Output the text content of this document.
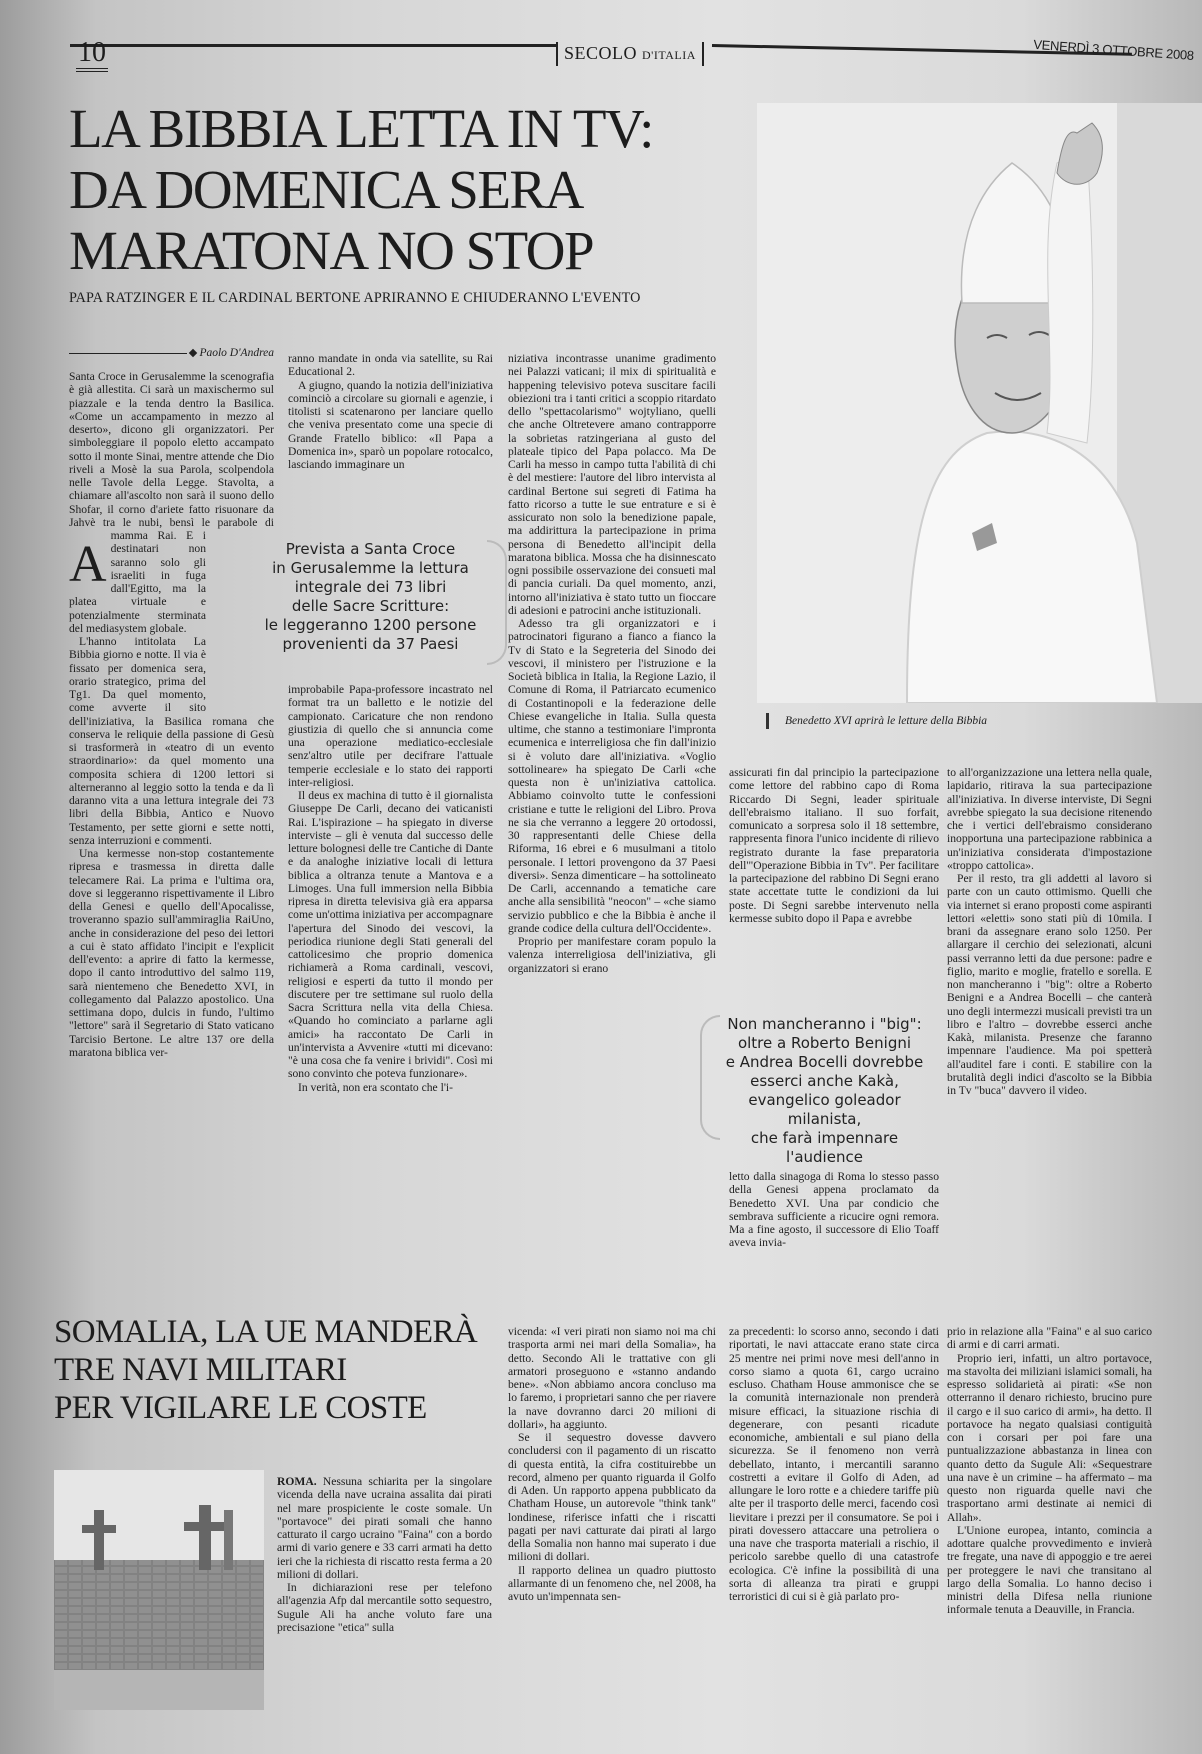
10	SECOLO D'ITALIA	VENERDÌ 3 OTTOBRE 2008
LA BIBBIA LETTA IN TV:
DA DOMENICA SERA
MARATONA NO STOP
PAPA RATZINGER E IL CARDINAL BERTONE APRIRANNO E CHIUDERANNO L'EVENTO
Paolo D'Andrea
A

Santa Croce in Gerusalemme la scenografia è già allestita. Ci sarà un maxischermo sul piazzale e la tenda dentro la Basilica. «Come un accampamento in mezzo al deserto», dicono gli organizzatori. Per simboleggiare il popolo eletto accampato sotto il monte Sinai, mentre attende che Dio riveli a Mosè la sua Parola, scolpendola nelle Tavole della Legge. Stavolta, a chiamare all'ascolto non sarà il suono dello Shofar, il corno d'ariete fatto risuonare da Jahvè tra le nubi, bensì le parabole di mamma Rai. E i destinatari non saranno solo gli israeliti in fuga dall'Egitto, ma la platea virtuale e potenzialmente sterminata del mediasystem globale.

L'hanno intitolata La Bibbia giorno e notte. Il via è fissato per domenica sera, orario strategico, prima del Tg1. Da quel momento, come avverte il sito dell'iniziativa, la Basilica romana che conserva le reliquie della passione di Gesù si trasformerà in «teatro di un evento straordinario»: da quel momento una composita schiera di 1200 lettori si alterneranno al leggio sotto la tenda e da lì daranno vita a una lettura integrale dei 73 libri della Bibbia, Antico e Nuovo Testamento, per sette giorni e sette notti, senza interruzioni e commenti.

Una kermesse non-stop costantemente ripresa e trasmessa in diretta dalle telecamere Rai. La prima e l'ultima ora, dove si leggeranno rispettivamente il Libro della Genesi e quello dell'Apocalisse, troveranno spazio sull'ammiraglia RaiUno, anche in considerazione del peso dei lettori a cui è stato affidato l'incipit e l'explicit dell'evento: a aprire di fatto la kermesse, dopo il canto introduttivo del salmo 119, sarà nientemeno che Benedetto XVI, in collegamento dal Palazzo apostolico. Una settimana dopo, dulcis in fundo, l'ultimo "lettore" sarà il Segretario di Stato vaticano Tarcisio Bertone. Le altre 137 ore della maratona biblica ver-

ranno mandate in onda via satellite, su Rai Educational 2.

A giugno, quando la notizia dell'iniziativa cominciò a circolare su giornali e agenzie, i titolisti si scatenarono per lanciare quello che veniva presentato come una specie di Grande Fratello biblico: «Il Papa a Domenica in», sparò un popolare rotocalco, lasciando immaginare un

improbabile Papa-professore incastrato nel format tra un balletto e le notizie del campionato. Caricature che non rendono giustizia di quello che si annuncia come una operazione mediatico-ecclesiale senz'altro utile per decifrare l'attuale temperie ecclesiale e lo stato dei rapporti inter-religiosi.

Il deus ex machina di tutto è il giornalista Giuseppe De Carli, decano dei vaticanisti Rai. L'ispirazione – ha spiegato in diverse interviste – gli è venuta dal successo delle letture bolognesi delle tre Cantiche di Dante e da analoghe iniziative locali di lettura biblica a oltranza tenute a Mantova e a Limoges. Una full immersion nella Bibbia ripresa in diretta televisiva già era apparsa come un'ottima iniziativa per accompagnare l'apertura del Sinodo dei vescovi, la periodica riunione degli Stati generali del cattolicesimo che proprio domenica richiamerà a Roma cardinali, vescovi, religiosi e esperti da tutto il mondo per discutere per tre settimane sul ruolo della Sacra Scrittura nella vita della Chiesa. «Quando ho cominciato a parlarne agli amici» ha raccontato De Carli in un'intervista a Avvenire «tutti mi dicevano: "è una cosa che fa venire i brividi". Così mi sono convinto che poteva funzionare».

In verità, non era scontato che l'i-

Prevista a Santa Croce
in Gerusalemme la lettura
integrale dei 73 libri
delle Sacre Scritture:
le leggeranno 1200 persone
provenienti da 37 Paesi

niziativa incontrasse unanime gradimento nei Palazzi vaticani; il mix di spiritualità e happening televisivo poteva suscitare facili obiezioni tra i tanti critici a scoppio ritardato dello "spettacolarismo" wojtyliano, quelli che anche Oltretevere amano contrapporre la sobrietas ratzingeriana al gusto del plateale tipico del Papa polacco. Ma De Carli ha messo in campo tutta l'abilità di chi è del mestiere: l'autore del libro intervista al cardinal Bertone sui segreti di Fatima ha fatto ricorso a tutte le sue entrature e si è assicurato non solo la benedizione papale, ma addirittura la partecipazione in prima persona di Benedetto all'incipit della maratona biblica. Mossa che ha disinnescato ogni possibile osservazione dei consueti mal di pancia curiali. Da quel momento, anzi, intorno all'iniziativa è stato tutto un fioccare di adesioni e patrocini anche istituzionali.

Adesso tra gli organizzatori e i patrocinatori figurano a fianco a fianco la Tv di Stato e la Segreteria del Sinodo dei vescovi, il ministero per l'istruzione e la Società biblica in Italia, la Regione Lazio, il Comune di Roma, il Patriarcato ecumenico di Costantinopoli e la federazione delle Chiese evangeliche in Italia. Sulla questa ultime, che stanno a testimoniare l'impronta ecumenica e interreligiosa che fin dall'inizio si è voluto dare all'iniziativa. «Voglio sottolineare» ha spiegato De Carli «che questa non è un'iniziativa cattolica. Abbiamo coinvolto tutte le confessioni cristiane e tutte le religioni del Libro. Prova ne sia che verranno a leggere 20 ortodossi, 30 rappresentanti delle Chiese della Riforma, 16 ebrei e 6 musulmani a titolo personale. I lettori provengono da 37 Paesi diversi». Senza dimenticare – ha sottolineato De Carli, accennando a tematiche care anche alla sensibilità "neocon" – «che siamo servizio pubblico e che la Bibbia è anche il grande codice della cultura dell'Occidente».

Proprio per manifestare coram populo la valenza interreligiosa dell'iniziativa, gli organizzatori si erano

Benedetto XVI aprirà le letture della Bibbia

assicurati fin dal principio la partecipazione come lettore del rabbino capo di Roma Riccardo Di Segni, leader spirituale dell'ebraismo italiano. Il suo forfait, comunicato a sorpresa solo il 18 settembre, rappresenta finora l'unico incidente di rilievo registrato durante la fase preparatoria dell'"Operazione Bibbia in Tv". Per facilitare la partecipazione del rabbino Di Segni erano state accettate tutte le condizioni da lui poste. Di Segni sarebbe intervenuto nella kermesse subito dopo il Papa e avrebbe

Non mancheranno i "big":
oltre a Roberto Benigni
e Andrea Bocelli dovrebbe
esserci anche Kakà,
evangelico goleador milanista,
che farà impennare l'audience

letto dalla sinagoga di Roma lo stesso passo della Genesi appena proclamato da Benedetto XVI. Una par condicio che sembrava sufficiente a ricucire ogni remora. Ma a fine agosto, il successore di Elio Toaff aveva invia-

to all'organizzazione una lettera nella quale, lapidario, ritirava la sua partecipazione all'iniziativa. In diverse interviste, Di Segni avrebbe spiegato la sua decisione ritenendo che i vertici dell'ebraismo considerano inopportuna una partecipazione rabbinica a un'iniziativa considerata d'impostazione «troppo cattolica».

Per il resto, tra gli addetti al lavoro si parte con un cauto ottimismo. Quelli che via internet si erano proposti come aspiranti lettori «eletti» sono stati più di 10mila. I brani da assegnare erano solo 1250. Per allargare il cerchio dei selezionati, alcuni passi verranno letti da due persone: padre e figlio, marito e moglie, fratello e sorella. E non mancheranno i "big": oltre a Roberto Benigni e a Andrea Bocelli – che canterà uno degli intermezzi musicali previsti tra un libro e l'altro – dovrebbe esserci anche Kakà, milanista. Presenze che faranno impennare l'audience. Ma poi spetterà all'auditel fare i conti. E stabilire con la brutalità degli indici d'ascolto se la Bibbia in Tv "buca" davvero il video.

SOMALIA, LA UE MANDERÀ
TRE NAVI MILITARI
PER VIGILARE LE COSTE

ROMA. Nessuna schiarita per la singolare vicenda della nave ucraina assalita dai pirati nel mare prospiciente le coste somale. Un "portavoce" dei pirati somali che hanno catturato il cargo ucraino "Faina" con a bordo armi di vario genere e 33 carri armati ha detto ieri che la richiesta di riscatto resta ferma a 20 milioni di dollari.

In dichiarazioni rese per telefono all'agenzia Afp dal mercantile sotto sequestro, Sugule Ali ha anche voluto fare una precisazione "etica" sulla

vicenda: «I veri pirati non siamo noi ma chi trasporta armi nei mari della Somalia», ha detto. Secondo Ali le trattative con gli armatori proseguono e «stanno andando bene». «Non abbiamo ancora concluso ma lo faremo, i proprietari sanno che per riavere la nave dovranno darci 20 milioni di dollari», ha aggiunto.

Se il sequestro dovesse davvero concludersi con il pagamento di un riscatto di questa entità, la cifra costituirebbe un record, almeno per quanto riguarda il Golfo di Aden. Un rapporto appena pubblicato da Chatham House, un autorevole "think tank" londinese, riferisce infatti che i riscatti pagati per navi catturate dai pirati al largo della Somalia non hanno mai superato i due milioni di dollari.

Il rapporto delinea un quadro piuttosto allarmante di un fenomeno che, nel 2008, ha avuto un'impennata sen-

za precedenti: lo scorso anno, secondo i dati riportati, le navi attaccate erano state circa 25 mentre nei primi nove mesi dell'anno in corso siamo a quota 61, cargo ucraino escluso. Chatham House ammonisce che se la comunità internazionale non prenderà misure efficaci, la situazione rischia di degenerare, con pesanti ricadute economiche, ambientali e sul piano della sicurezza. Se il fenomeno non verrà debellato, intanto, i mercantili saranno costretti a evitare il Golfo di Aden, ad allungare le loro rotte e a chiedere tariffe più alte per il trasporto delle merci, facendo così lievitare i prezzi per il consumatore. Se poi i pirati dovessero attaccare una petroliera o una nave che trasporta materiali a rischio, il pericolo sarebbe quello di una catastrofe ecologica. C'è infine la possibilità di una sorta di alleanza tra pirati e gruppi terroristici di cui si è già parlato pro-

prio in relazione alla "Faina" e al suo carico di armi e di carri armati.

Proprio ieri, infatti, un altro portavoce, ma stavolta dei miliziani islamici somali, ha espresso solidarietà ai pirati: «Se non otterranno il denaro richiesto, brucino pure il cargo e il suo carico di armi», ha detto. Il portavoce ha negato qualsiasi contiguità con i corsari per poi fare una puntualizzazione abbastanza in linea con quanto detto da Sugule Ali: «Sequestrare una nave è un crimine – ha affermato – ma questo non riguarda quelle navi che trasportano armi destinate ai nemici di Allah».

L'Unione europea, intanto, comincia a adottare qualche provvedimento e invierà tre fregate, una nave di appoggio e tre aerei per proteggere le navi che transitano al largo della Somalia. Lo hanno deciso i ministri della Difesa nella riunione informale tenuta a Deauville, in Francia.
